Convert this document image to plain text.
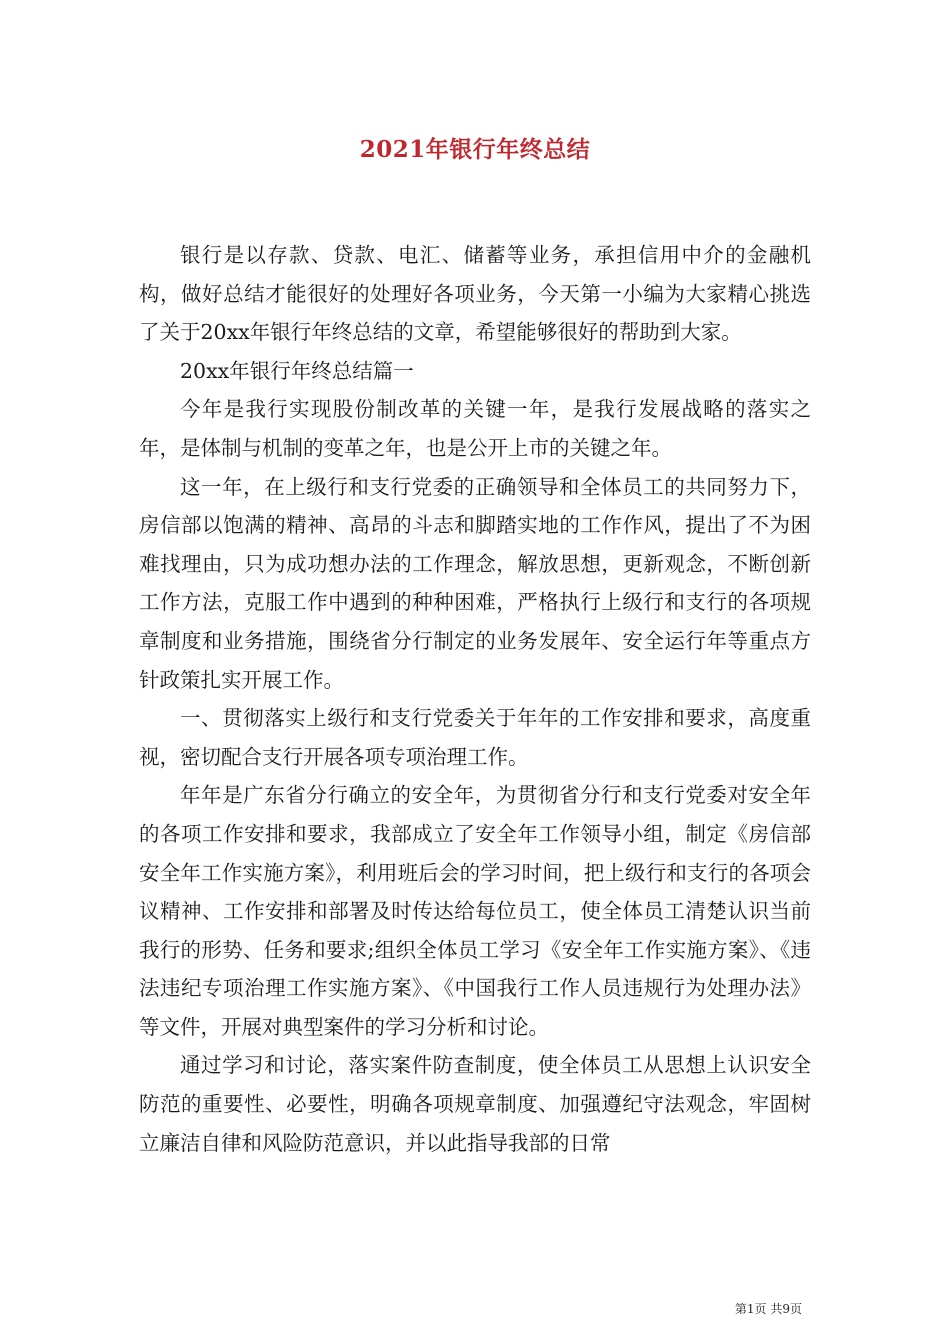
2021年银行年终总结

银行是以存款、贷款、电汇、储蓄等业务，承担信用中介的金融机构，做好总结才能很好的处理好各项业务，今天第一小编为大家精心挑选了关于20xx年银行年终总结的文章，希望能够很好的帮助到大家。

20xx年银行年终总结篇一

今年是我行实现股份制改革的关键一年，是我行发展战略的落实之年，是体制与机制的变革之年，也是公开上市的关键之年。

这一年，在上级行和支行党委的正确领导和全体员工的共同努力下，房信部以饱满的精神、高昂的斗志和脚踏实地的工作作风，提出了不为困难找理由，只为成功想办法的工作理念，解放思想，更新观念，不断创新工作方法，克服工作中遇到的种种困难，严格执行上级行和支行的各项规章制度和业务措施，围绕省分行制定的业务发展年、安全运行年等重点方针政策扎实开展工作。

一、贯彻落实上级行和支行党委关于年年的工作安排和要求，高度重视，密切配合支行开展各项专项治理工作。

年年是广东省分行确立的安全年，为贯彻省分行和支行党委对安全年的各项工作安排和要求，我部成立了安全年工作领导小组，制定《房信部安全年工作实施方案》，利用班后会的学习时间，把上级行和支行的各项会议精神、工作安排和部署及时传达给每位员工，使全体员工清楚认识当前我行的形势、任务和要求;组织全体员工学习《安全年工作实施方案》、《违法违纪专项治理工作实施方案》、《中国我行工作人员违规行为处理办法》等文件，开展对典型案件的学习分析和讨论。

通过学习和讨论，落实案件防查制度，使全体员工从思想上认识安全防范的重要性、必要性，明确各项规章制度、加强遵纪守法观念，牢固树立廉洁自律和风险防范意识，并以此指导我部的日常

第1页 共9页
